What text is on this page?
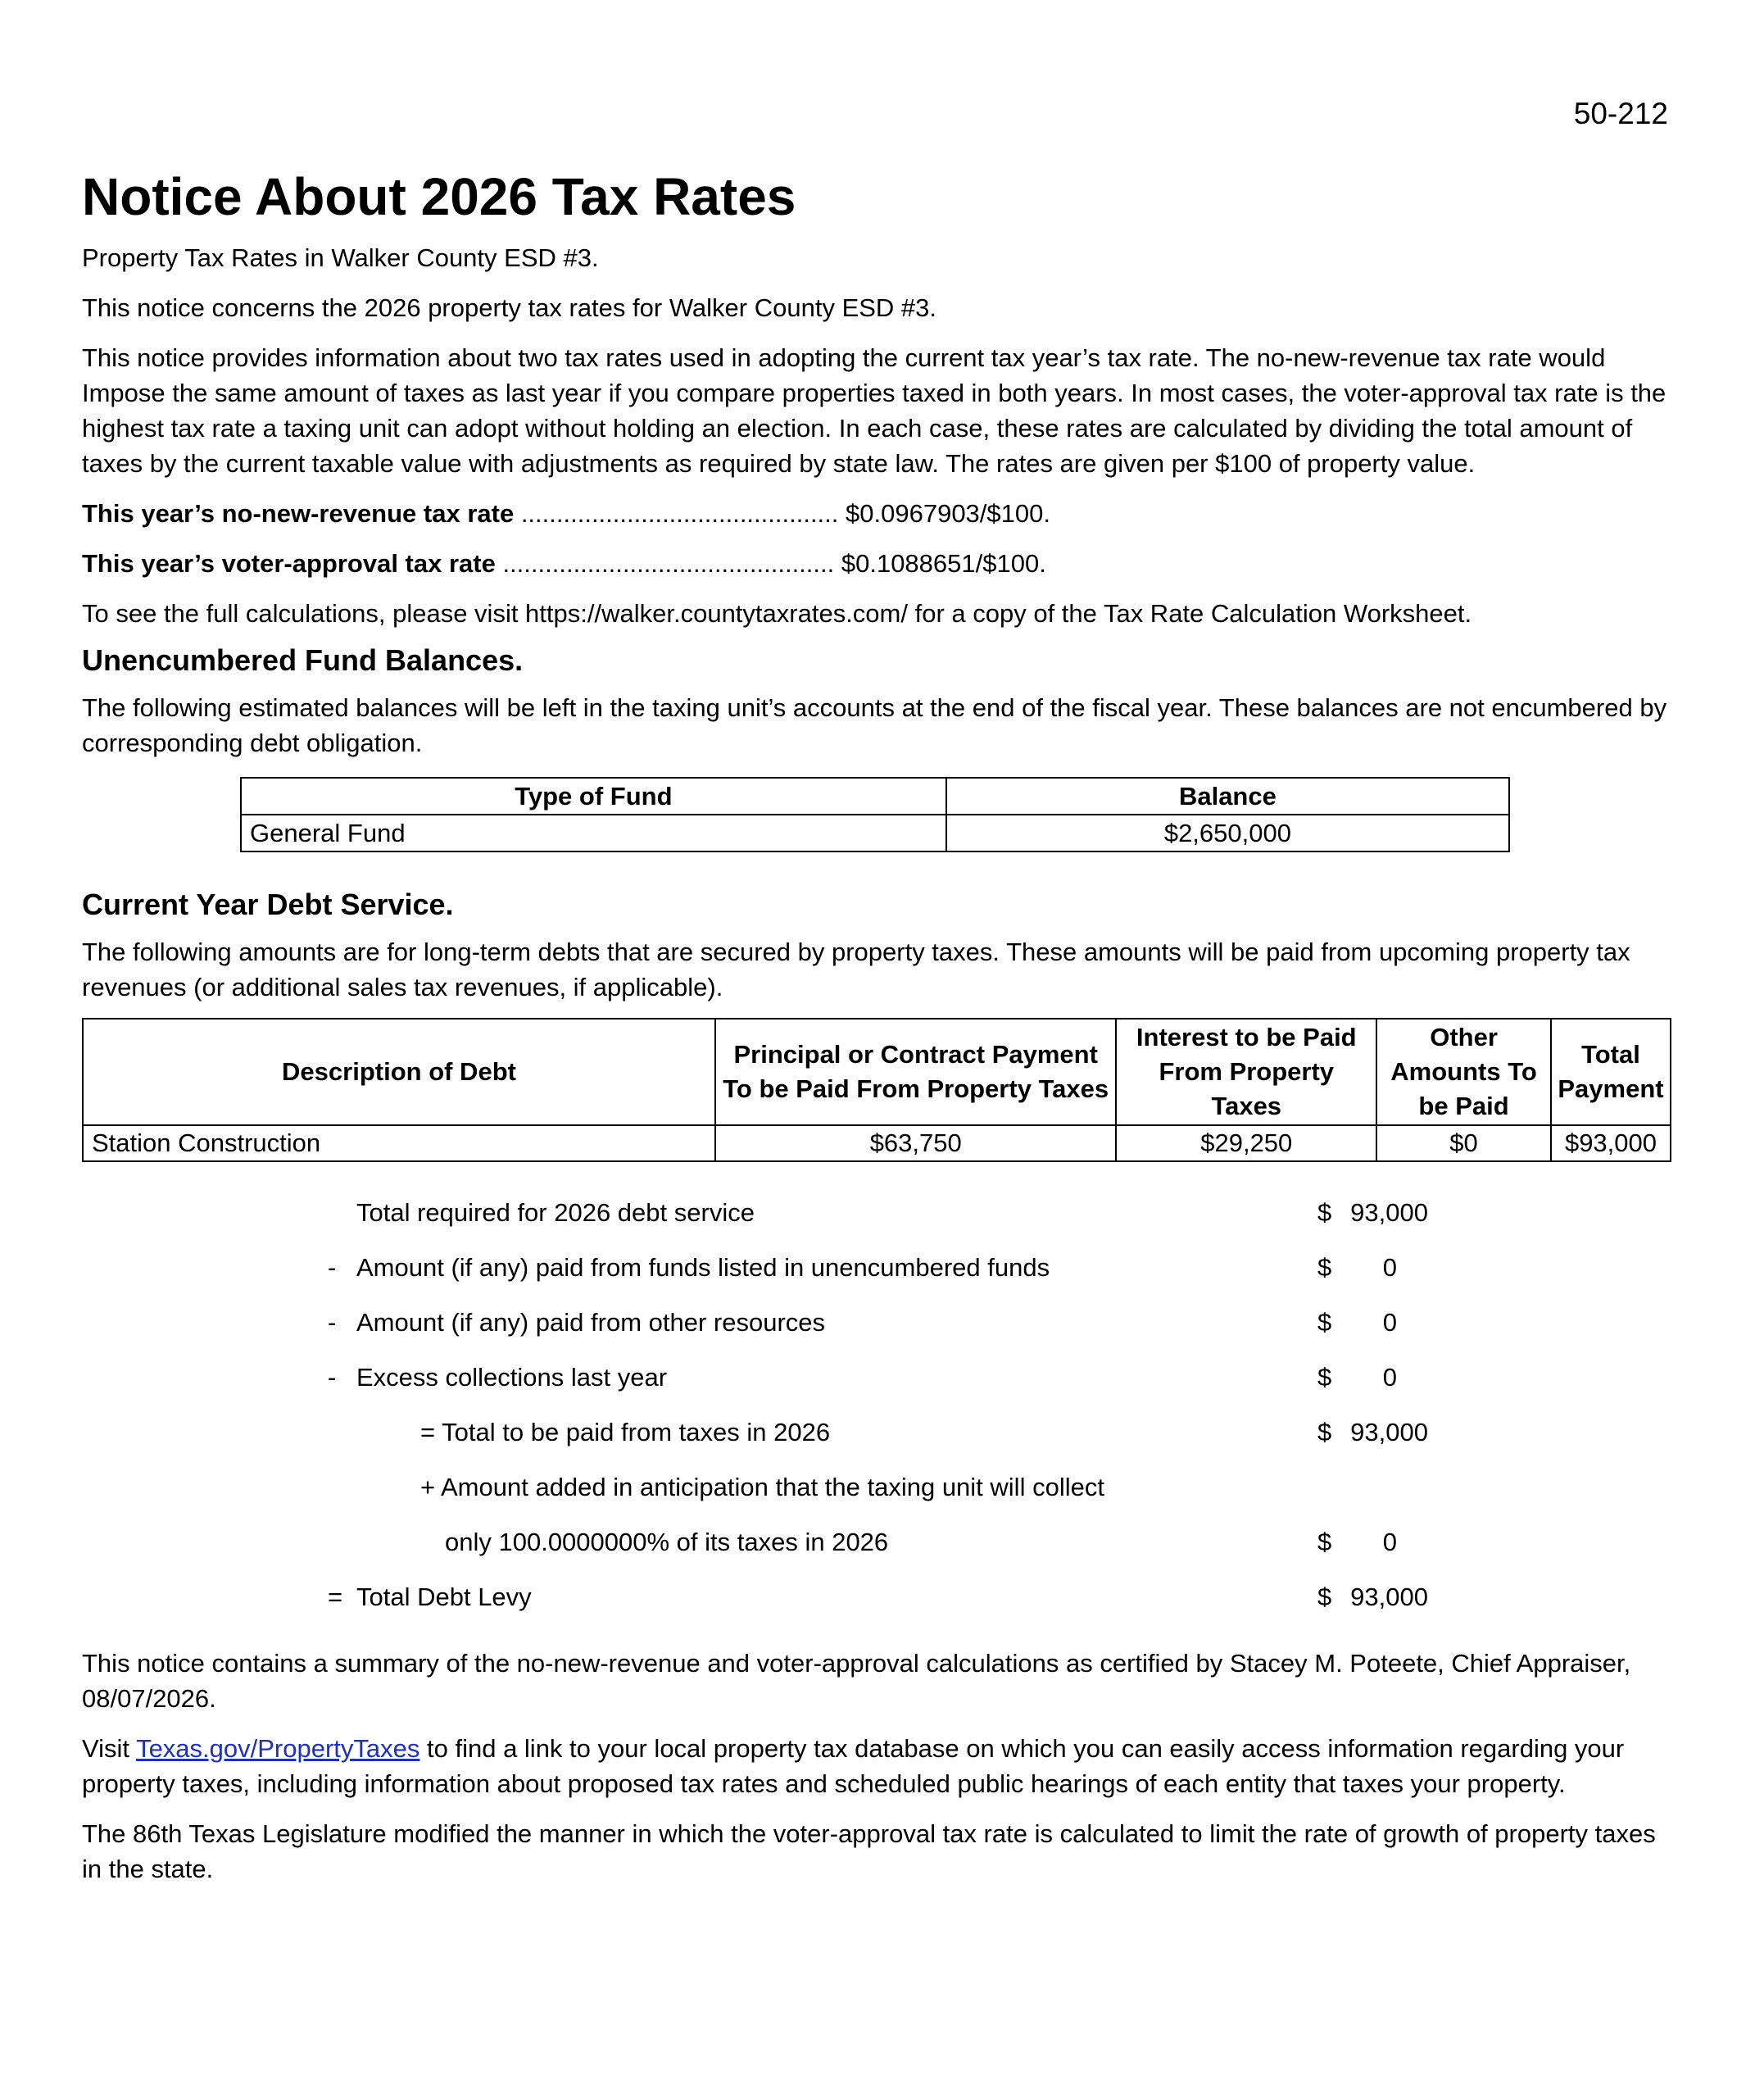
50-212
Notice About 2026 Tax Rates

Property Tax Rates in Walker County ESD #3.

This notice concerns the 2026 property tax rates for Walker County ESD #3.

This notice provides information about two tax rates used in adopting the current tax year’s tax rate. The no-new-revenue tax rate would Impose the same amount of taxes as last year if you compare properties taxed in both years. In most cases, the voter-approval tax rate is the highest tax rate a taxing unit can adopt without holding an election. In each case, these rates are calculated by dividing the total amount of taxes by the current taxable value with adjustments as required by state law. The rates are given per $100 of property value.

This year’s no-new-revenue tax rate ............................................. $0.0967903/$100.
This year’s voter-approval tax rate ............................................... $0.1088651/$100.

To see the full calculations, please visit https://walker.countytaxrates.com/ for a copy of the Tax Rate Calculation Worksheet.

Unencumbered Fund Balances.

The following estimated balances will be left in the taxing unit’s accounts at the end of the fiscal year. These balances are not encumbered by corresponding debt obligation.

Type of Fund	Balance
General Fund	$2,650,000
Current Year Debt Service.

The following amounts are for long-term debts that are secured by property taxes. These amounts will be paid from upcoming property tax revenues (or additional sales tax revenues, if applicable).

Description of Debt	Principal or Contract Payment To be Paid From Property Taxes	Interest to be Paid From Property Taxes	Other Amounts To be Paid	Total Payment
Station Construction	$63,750	$29,250	$0	$93,000
Total required for 2026 debt service	$ 93,000
- Amount (if any) paid from funds listed in unencumbered funds	$	0
- Amount (if any) paid from other resources	$	0
- Excess collections last year	$	0
= Total to be paid from taxes in 2026	$ 93,000
+ Amount added in anticipation that the taxing unit will collect
only 100.0000000% of its taxes in 2026	$	0
= Total Debt Levy	$ 93,000

This notice contains a summary of the no-new-revenue and voter-approval calculations as certified by Stacey M. Poteete, Chief Appraiser, 08/07/2026.

Visit Texas.gov/PropertyTaxes to find a link to your local property tax database on which you can easily access information regarding your property taxes, including information about proposed tax rates and scheduled public hearings of each entity that taxes your property.

The 86th Texas Legislature modified the manner in which the voter-approval tax rate is calculated to limit the rate of growth of property taxes in the state.
